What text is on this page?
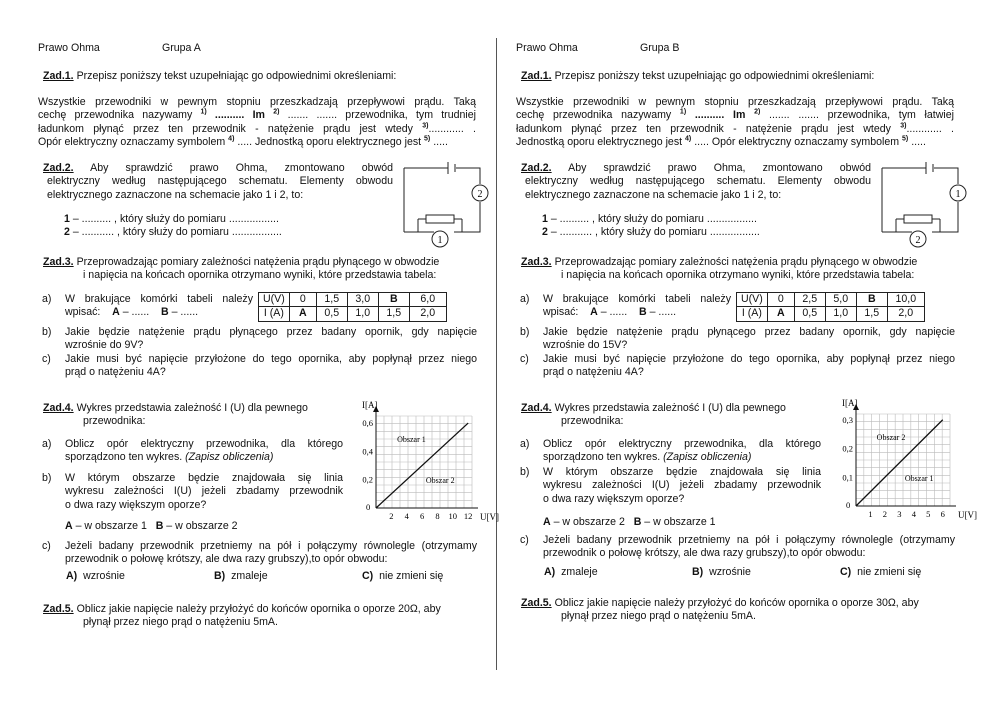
Prawo Ohma	Grupa A
Zad.1. Przepisz poniższy tekst uzupełniając go odpowiednimi określeniami:
Wszystkie przewodniki w pewnym stopniu przeszkadzają przepływowi prądu. Taką
cechę przewodnika nazywamy $^{1)}$ .......... Im $^{2)}$ ....... ....... przewodnika, tym trudniej
ładunkom płynąć przez ten przewodnik - natężenie prądu jest wtedy $^{3)}$............ .
Opór elektryczny oznaczamy symbolem $^{4)}$ ..... Jednostką oporu elektrycznego jest $^{5)}$ .....
Zad.2. Aby sprawdzić prawo Ohma, zmontowano obwód
elektryczny według następującego schematu. Elementy obwodu
elektrycznego zaznaczone na schemacie jako 1 i 2, to:
1 – .......... , który służy do pomiaru .................
2 – ........... , który służy do pomiaru .................
2
1
Zad.3. Przeprowadzając pomiary zależności natężenia prądu płynącego w obwodzie
i napięcia na końcach opornika otrzymano wyniki, które przedstawia tabela:
a) W brakujące komórki tabeli należy
wpisać: A – ...... B – ......
U(V)	0	1,5	3,0	B	6,0
I (A)	A	0,5	1,0	1,5	2,0
b) Jakie będzie natężenie prądu płynącego przez badany opornik, gdy napięcie
wzrośnie do 9V?
c) Jakie musi być napięcie przyłożone do tego opornika, aby popłynął przez niego
prąd o natężeniu 4A?
Zad.4. Wykres przedstawia zależność I (U) dla pewnego
przewodnika:
a) Oblicz opór elektryczny przewodnika, dla którego
sporządzono ten wykres. (Zapisz obliczenia)
b) W którym obszarze będzie znajdowała się linia
wykresu zależności I(U) jeżeli zbadamy przewodnik
o dwa razy większym oporze?
A – w obszarze 1 B – w obszarze 2
I[A]
U[V]
0
2 4 6 8 10 12
0,2
0,4
0,6
Obszar 1
Obszar 2
c) Jeżeli badany przewodnik przetniemy na pół i połączymy równolegle (otrzymamy
przewodnik o połowę krótszy, ale dwa razy grubszy),to opór obwodu:
A) wzrośnie	B) zmaleje	C) nie zmieni się
Zad.5. Oblicz jakie napięcie należy przyłożyć do końców opornika o oporze 20Ω, aby
płynął przez niego prąd o natężeniu 5mA.
Prawo Ohma	Grupa B
Zad.1. Przepisz poniższy tekst uzupełniając go odpowiednimi określeniami:
Wszystkie przewodniki w pewnym stopniu przeszkadzają przepływowi prądu. Taką
cechę przewodnika nazywamy $^{1)}$ .......... Im $^{2)}$ ....... ....... przewodnika, tym łatwiej
ładunkom płynąć przez ten przewodnik - natężenie prądu jest wtedy $^{3)}$............ .
Jednostką oporu elektrycznego jest $^{4)}$ ..... Opór elektryczny oznaczamy symbolem $^{5)}$ .....
Zad.2. Aby sprawdzić prawo Ohma, zmontowano obwód
elektryczny według następującego schematu. Elementy obwodu
elektrycznego zaznaczone na schemacie jako 1 i 2, to:
1 – .......... , który służy do pomiaru .................
2 – ........... , który służy do pomiaru .................
1
2
Zad.3. Przeprowadzając pomiary zależności natężenia prądu płynącego w obwodzie
i napięcia na końcach opornika otrzymano wyniki, które przedstawia tabela:
a) W brakujące komórki tabeli należy
wpisać: A – ...... B – ......
U(V)	0	2,5	5,0	B	10,0
I (A)	A	0,5	1,0	1,5	2,0
b) Jakie będzie natężenie prądu płynącego przez badany opornik, gdy napięcie
wzrośnie do 15V?
c) Jakie musi być napięcie przyłożone do tego opornika, aby popłynął przez niego
prąd o natężeniu 4A?
Zad.4. Wykres przedstawia zależność I (U) dla pewnego
przewodnika:
a) Oblicz opór elektryczny przewodnika, dla którego
sporządzono ten wykres. (Zapisz obliczenia)
b) W którym obszarze będzie znajdowała się linia
wykresu zależności I(U) jeżeli zbadamy przewodnik
o dwa razy większym oporze?
A – w obszarze 2 B – w obszarze 1
I[A]
U[V]
0
1 2 3 4 5 6
0,1
0,2
0,3
Obszar 2
Obszar 1
c) Jeżeli badany przewodnik przetniemy na pół i połączymy równolegle (otrzymamy
przewodnik o połowę krótszy, ale dwa razy grubszy),to opór obwodu:
A) zmaleje	B) wzrośnie	C) nie zmieni się
Zad.5. Oblicz jakie napięcie należy przyłożyć do końców opornika o oporze 30Ω, aby
płynął przez niego prąd o natężeniu 5mA.
